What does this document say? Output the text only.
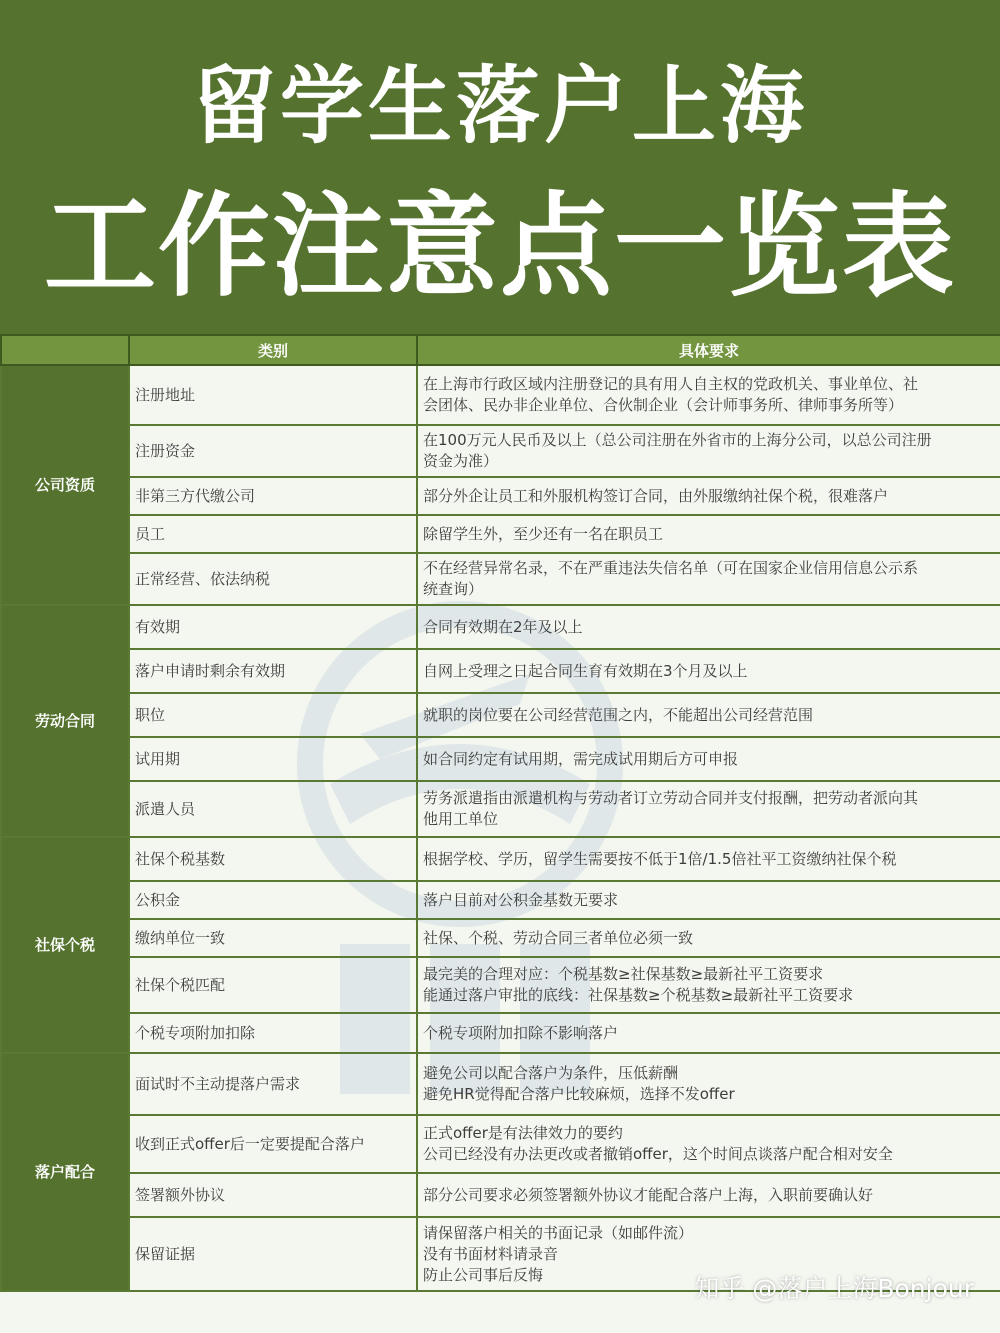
留学生落户上海
工作注意点一览表
	类别	具体要求
公司资质	注册地址	在上海市行政区域内注册登记的具有用人自主权的党政机关、事业单位、社
会团体、民办非企业单位、合伙制企业（会计师事务所、律师事务所等）

	注册资金	在100万元人民币及以上（总公司注册在外省市的上海分公司，以总公司注册
资金为准）

	非第三方代缴公司	部分外企让员工和外服机构签订合同，由外服缴纳社保个税，很难落户

	员工	除留学生外，至少还有一名在职员工

	正常经营、依法纳税	不在经营异常名录，不在严重违法失信名单（可在国家企业信用信息公示系
统查询）

劳动合同	有效期	合同有效期在2年及以上

	落户申请时剩余有效期	自网上受理之日起合同生育有效期在3个月及以上

	职位	就职的岗位要在公司经营范围之内，不能超出公司经营范围

	试用期	如合同约定有试用期，需完成试用期后方可申报

	派遣人员	劳务派遣指由派遣机构与劳动者订立劳动合同并支付报酬，把劳动者派向其
他用工单位

社保个税	社保个税基数	根据学校、学历，留学生需要按不低于1倍/1.5倍社平工资缴纳社保个税

	公积金	落户目前对公积金基数无要求

	缴纳单位一致	社保、个税、劳动合同三者单位必须一致

	社保个税匹配	最完美的合理对应：个税基数≥社保基数≥最新社平工资要求
能通过落户审批的底线：社保基数≥个税基数≥最新社平工资要求

	个税专项附加扣除	个税专项附加扣除不影响落户

落户配合	面试时不主动提落户需求	避免公司以配合落户为条件，压低薪酬
避免HR觉得配合落户比较麻烦，选择不发offer

	收到正式offer后一定要提配合落户	正式offer是有法律效力的要约
公司已经没有办法更改或者撤销offer，这个时间点谈落户配合相对安全

	签署额外协议	部分公司要求必须签署额外协议才能配合落户上海，入职前要确认好

	保留证据	请保留落户相关的书面记录（如邮件流）
没有书面材料请录音
防止公司事后反悔	知乎 @落户上海Bonjour
